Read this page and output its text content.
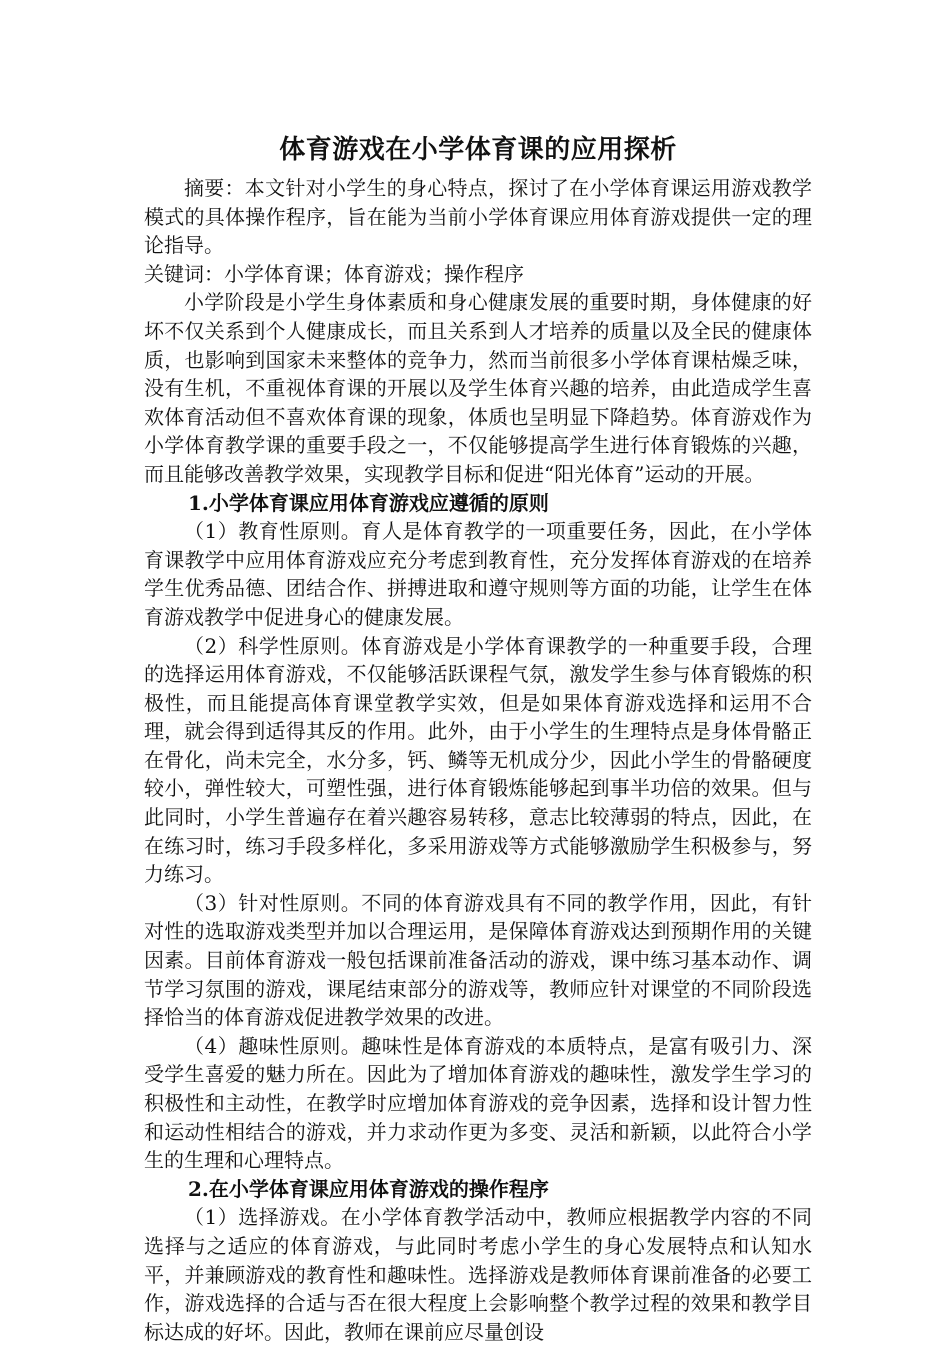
体育游戏在小学体育课的应用探析

摘要：本文针对小学生的身心特点，探讨了在小学体育课运用游戏教学模式的具体操作程序，旨在能为当前小学体育课应用体育游戏提供一定的理论指导。

关键词：小学体育课；体育游戏；操作程序

小学阶段是小学生身体素质和身心健康发展的重要时期，身体健康的好坏不仅关系到个人健康成长，而且关系到人才培养的质量以及全民的健康体质，也影响到国家未来整体的竞争力，然而当前很多小学体育课枯燥乏味，没有生机，不重视体育课的开展以及学生体育兴趣的培养，由此造成学生喜欢体育活动但不喜欢体育课的现象，体质也呈明显下降趋势。体育游戏作为小学体育教学课的重要手段之一，不仅能够提高学生进行体育锻炼的兴趣，而且能够改善教学效果，实现教学目标和促进“阳光体育”运动的开展。

1.小学体育课应用体育游戏应遵循的原则

（1）教育性原则。育人是体育教学的一项重要任务，因此，在小学体育课教学中应用体育游戏应充分考虑到教育性，充分发挥体育游戏的在培养学生优秀品德、团结合作、拼搏进取和遵守规则等方面的功能，让学生在体育游戏教学中促进身心的健康发展。

（2）科学性原则。体育游戏是小学体育课教学的一种重要手段，合理的选择运用体育游戏，不仅能够活跃课程气氛，激发学生参与体育锻炼的积极性，而且能提高体育课堂教学实效，但是如果体育游戏选择和运用不合理，就会得到适得其反的作用。此外，由于小学生的生理特点是身体骨骼正在骨化，尚未完全，水分多，钙、鳞等无机成分少，因此小学生的骨骼硬度较小，弹性较大，可塑性强，进行体育锻炼能够起到事半功倍的效果。但与此同时，小学生普遍存在着兴趣容易转移，意志比较薄弱的特点，因此，在在练习时，练习手段多样化，多采用游戏等方式能够激励学生积极参与，努力练习。

（3）针对性原则。不同的体育游戏具有不同的教学作用，因此，有针对性的选取游戏类型并加以合理运用，是保障体育游戏达到预期作用的关键因素。目前体育游戏一般包括课前准备活动的游戏，课中练习基本动作、调节学习氛围的游戏，课尾结束部分的游戏等，教师应针对课堂的不同阶段选择恰当的体育游戏促进教学效果的改进。

（4）趣味性原则。趣味性是体育游戏的本质特点，是富有吸引力、深受学生喜爱的魅力所在。因此为了增加体育游戏的趣味性，激发学生学习的积极性和主动性，在教学时应增加体育游戏的竞争因素，选择和设计智力性和运动性相结合的游戏，并力求动作更为多变、灵活和新颖，以此符合小学生的生理和心理特点。

2.在小学体育课应用体育游戏的操作程序

（1）选择游戏。在小学体育教学活动中，教师应根据教学内容的不同选择与之适应的体育游戏，与此同时考虑小学生的身心发展特点和认知水平，并兼顾游戏的教育性和趣味性。选择游戏是教师体育课前准备的必要工作，游戏选择的合适与否在很大程度上会影响整个教学过程的效果和教学目标达成的好坏。因此，教师在课前应尽量创设
